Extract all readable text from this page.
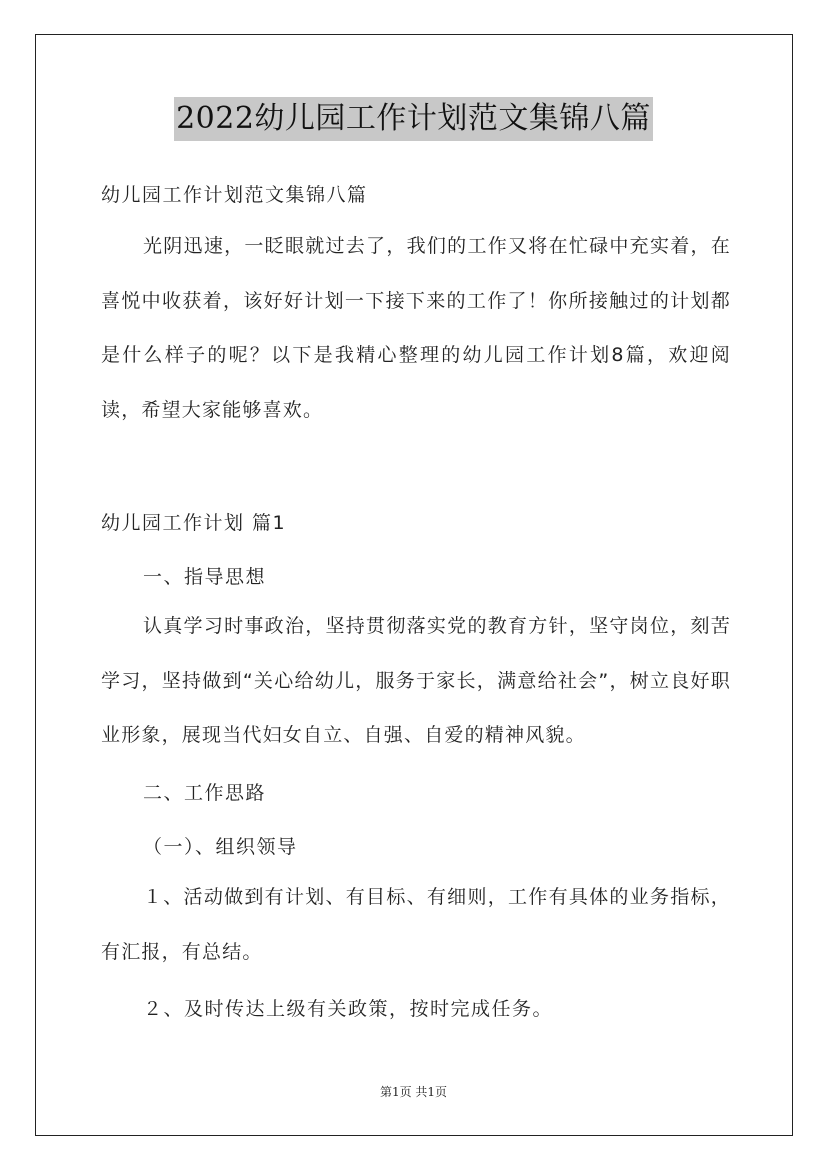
2022幼儿园工作计划范文集锦八篇
幼儿园工作计划范文集锦八篇
光阴迅速，一眨眼就过去了，我们的工作又将在忙碌中充实着，在喜悦中收获着，该好好计划一下接下来的工作了！你所接触过的计划都是什么样子的呢？以下是我精心整理的幼儿园工作计划8篇，欢迎阅读，希望大家能够喜欢。
幼儿园工作计划 篇1
一、指导思想
认真学习时事政治，坚持贯彻落实党的教育方针，坚守岗位，刻苦学习，坚持做到“关心给幼儿，服务于家长，满意给社会”，树立良好职业形象，展现当代妇女自立、自强、自爱的精神风貌。
二、工作思路
（一）、组织领导
１、活动做到有计划、有目标、有细则，工作有具体的业务指标，有汇报，有总结。
２、及时传达上级有关政策，按时完成任务。
第1页 共1页
